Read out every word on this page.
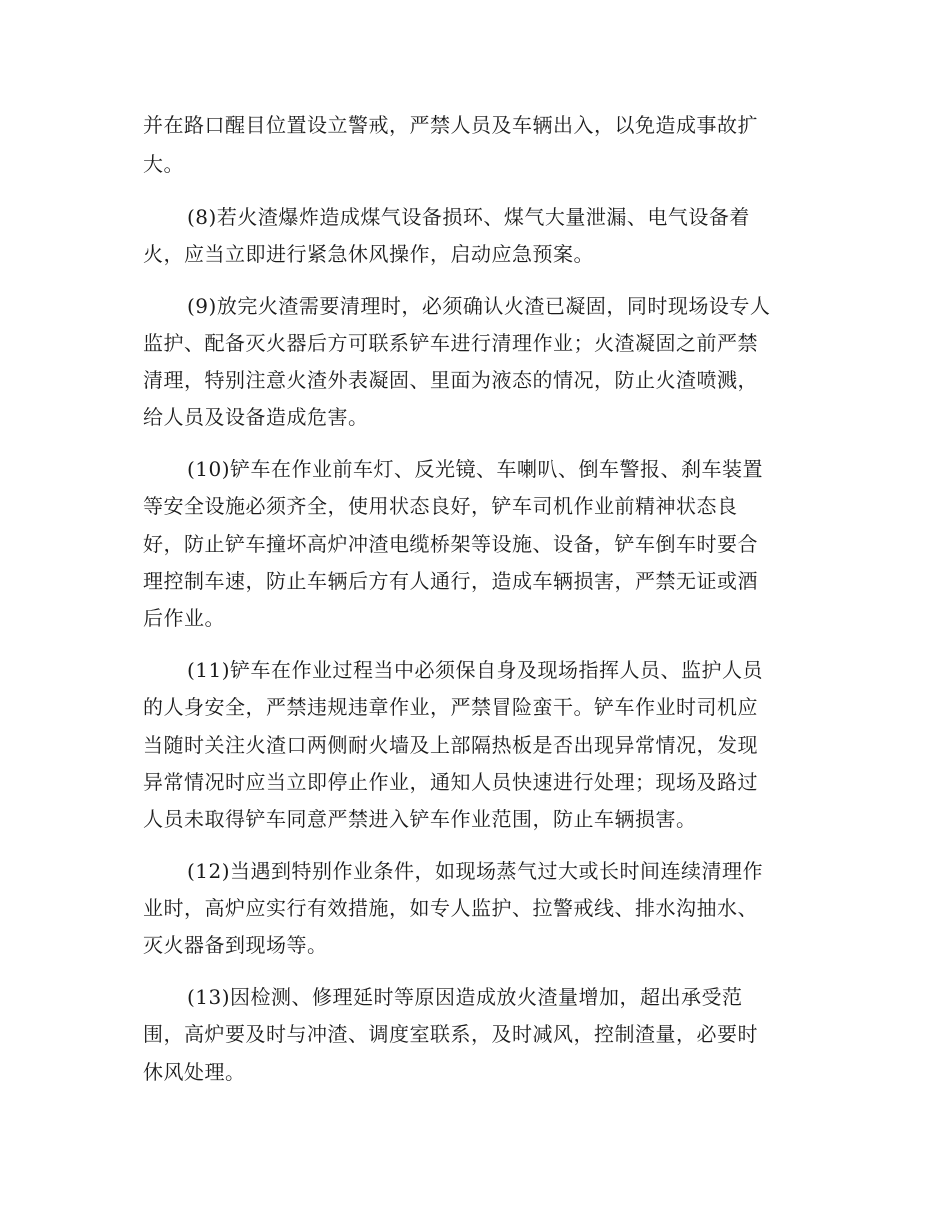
并在路口醒目位置设立警戒，严禁人员及车辆出入，以免造成事故扩

大。

(8)若火渣爆炸造成煤气设备损环、煤气大量泄漏、电气设备着

火，应当立即进行紧急休风操作，启动应急预案。

(9)放完火渣需要清理时，必须确认火渣已凝固，同时现场设专人

监护、配备灭火器后方可联系铲车进行清理作业；火渣凝固之前严禁

清理，特别注意火渣外表凝固、里面为液态的情况，防止火渣喷溅，

给人员及设备造成危害。

(10)铲车在作业前车灯、反光镜、车喇叭、倒车警报、刹车装置

等安全设施必须齐全，使用状态良好，铲车司机作业前精神状态良

好，防止铲车撞坏高炉冲渣电缆桥架等设施、设备，铲车倒车时要合

理控制车速，防止车辆后方有人通行，造成车辆损害，严禁无证或酒

后作业。

(11)铲车在作业过程当中必须保自身及现场指挥人员、监护人员

的人身安全，严禁违规违章作业，严禁冒险蛮干。铲车作业时司机应

当随时关注火渣口两侧耐火墙及上部隔热板是否出现异常情况，发现

异常情况时应当立即停止作业，通知人员快速进行处理；现场及路过

人员未取得铲车同意严禁进入铲车作业范围，防止车辆损害。

(12)当遇到特别作业条件，如现场蒸气过大或长时间连续清理作

业时，高炉应实行有效措施，如专人监护、拉警戒线、排水沟抽水、

灭火器备到现场等。

(13)因检测、修理延时等原因造成放火渣量增加，超出承受范

围，高炉要及时与冲渣、调度室联系，及时减风，控制渣量，必要时

休风处理。
